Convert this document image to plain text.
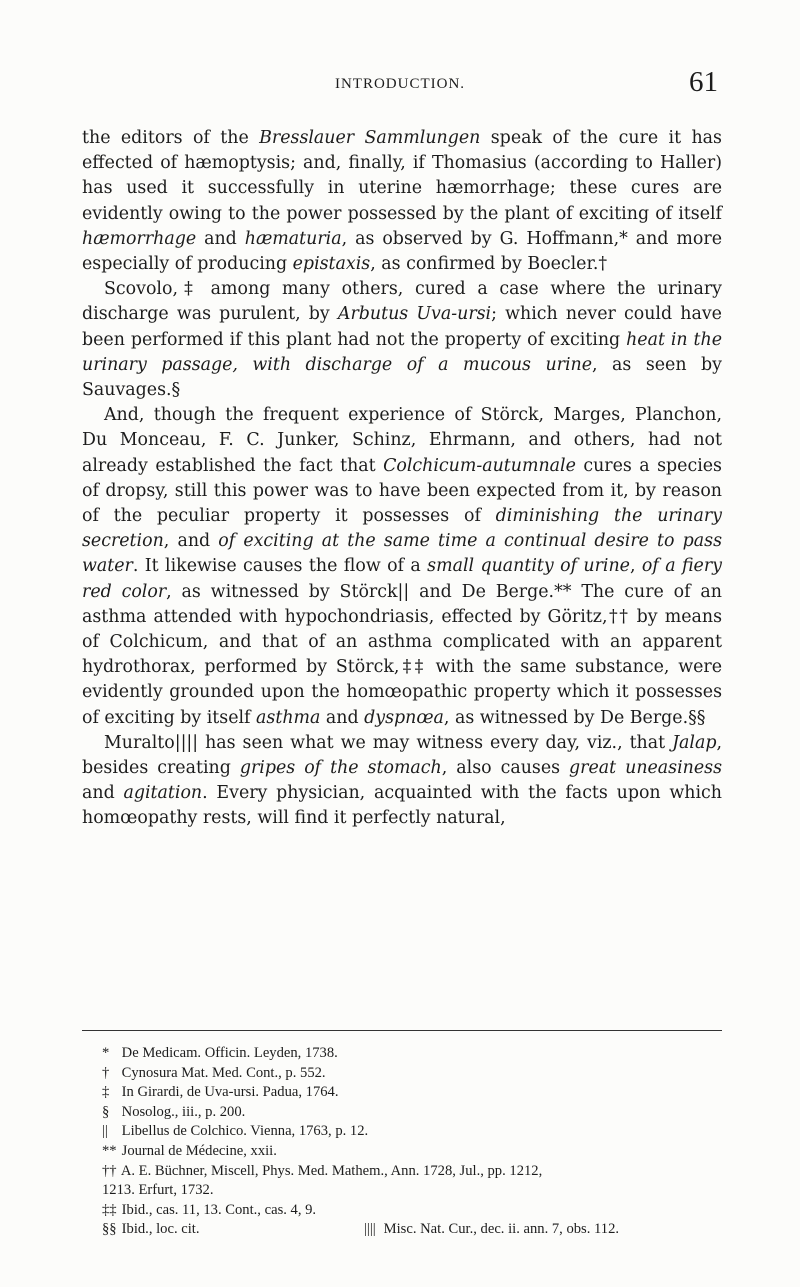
INTRODUCTION.	61

the editors of the Bresslauer Sammlungen speak of the cure it has effected of hæmoptysis; and, finally, if Thomasius (according to Haller) has used it successfully in uterine hæmorrhage; these cures are evidently owing to the power possessed by the plant of exciting of itself hæmorrhage and hæmaturia, as observed by G. Hoffmann,* and more especially of producing epistaxis, as confirmed by Boecler.†

Scovolo,‡ among many others, cured a case where the urinary discharge was purulent, by Arbutus Uva-ursi; which never could have been performed if this plant had not the property of exciting heat in the urinary passage, with discharge of a mucous urine, as seen by Sauvages.§

And, though the frequent experience of Störck, Marges, Planchon, Du Monceau, F. C. Junker, Schinz, Ehrmann, and others, had not already established the fact that Colchicum-autumnale cures a species of dropsy, still this power was to have been expected from it, by reason of the peculiar property it possesses of diminishing the urinary secretion, and of exciting at the same time a continual desire to pass water. It likewise causes the flow of a small quantity of urine, of a fiery red color, as witnessed by Störck|| and De Berge.** The cure of an asthma attended with hypochondriasis, effected by Göritz,†† by means of Colchicum, and that of an asthma complicated with an apparent hydrothorax, performed by Störck,‡‡ with the same substance, were evidently grounded upon the homœopathic property which it possesses of exciting by itself asthma and dyspnœa, as witnessed by De Berge.§§

Muralto|||| has seen what we may witness every day, viz., that Jalap, besides creating gripes of the stomach, also causes great uneasiness and agitation. Every physician, acquainted with the facts upon which homœopathy rests, will find it perfectly natural,

* De Medicam. Officin. Leyden, 1738.
† Cynosura Mat. Med. Cont., p. 552.
‡ In Girardi, de Uva-ursi. Padua, 1764.
§ Nosolog., iii., p. 200.
|| Libellus de Colchico. Vienna, 1763, p. 12.
** Journal de Médecine, xxii.
†† A. E. Büchner, Miscell, Phys. Med. Mathem., Ann. 1728, Jul., pp. 1212,
1213. Erfurt, 1732.
‡‡ Ibid., cas. 11, 13. Cont., cas. 4, 9.
§§ Ibid., loc. cit.	|||| Misc. Nat. Cur., dec. ii. ann. 7, obs. 112.
